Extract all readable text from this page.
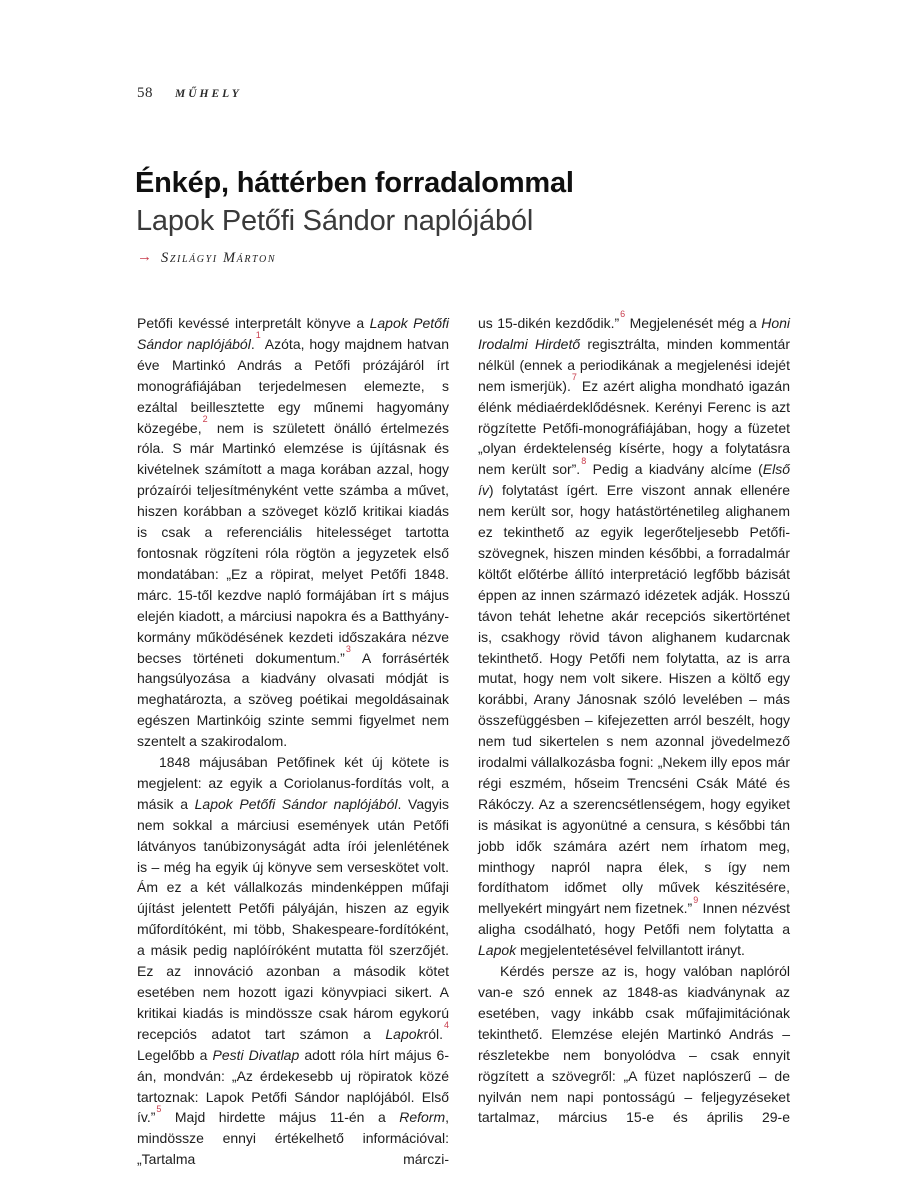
58 MŰHELY
Énkép, háttérben forradalommal
Lapok Petőfi Sándor naplójából
→ Szilágyi Márton

Petőfi kevéssé interpretált könyve a Lapok Petőfi Sándor naplójából.$^1$ Azóta, hogy majdnem hatvan éve Martinkó András a Petőfi prózájáról írt monográfiájában terjedelmesen elemezte, s ezáltal beillesztette egy műnemi hagyomány közegébe,$^2$ nem is született önálló értelmezés róla. S már Martinkó elemzése is újításnak és kivételnek számított a maga korában azzal, hogy prózaírói teljesítményként vette számba a művet, hiszen korábban a szöveget közlő kritikai kiadás is csak a referenciális hitelességet tartotta fontosnak rögzíteni róla rögtön a jegyzetek első mondatában: „Ez a röpirat, melyet Petőfi 1848. márc. 15-től kezdve napló formájában írt s május elején kiadott, a márciusi napokra és a Batthyány-kormány működésének kezdeti időszakára nézve becses történeti dokumentum.”$^3$ A forrásérték hangsúlyozása a kiadvány olvasati módját is meghatározta, a szöveg poétikai megoldásainak egészen Martinkóig szinte semmi figyelmet nem szentelt a szakirodalom.

1848 májusában Petőfinek két új kötete is megjelent: az egyik a Coriolanus-fordítás volt, a másik a Lapok Petőfi Sándor naplójából. Vagyis nem sokkal a márciusi események után Petőfi látványos tanúbizonyságát adta írói jelenlétének is – még ha egyik új könyve sem verseskötet volt. Ám ez a két vállalkozás mindenképpen műfaji újítást jelentett Petőfi pályáján, hiszen az egyik műfordítóként, mi több, Shakespeare-fordítóként, a másik pedig naplóíróként mutatta föl szerzőjét. Ez az innováció azonban a második kötet esetében nem hozott igazi könyvpiaci sikert. A kritikai kiadás is mindössze csak három egykorú recepciós adatot tart számon a Lapokról.$^4$ Legelőbb a Pesti Divatlap adott róla hírt május 6-án, mondván: „Az érdekesebb uj röpiratok közé tartoznak: Lapok Petőfi Sándor naplójából. Első ív.”$^5$ Majd hirdette május 11-én a Reform, mindössze ennyi értékelhető információval: „Tartalma márczi-

us 15-dikén kezdődik.”$^6$ Megjelenését még a Honi Irodalmi Hirdető regisztrálta, minden kommentár nélkül (ennek a periodikának a megjelenési idejét nem ismerjük).$^7$ Ez azért aligha mondható igazán élénk médiaérdeklődésnek. Kerényi Ferenc is azt rögzítette Petőfi-monográfiájában, hogy a füzetet „olyan érdektelenség kísérte, hogy a folytatásra nem került sor”.$^8$ Pedig a kiadvány alcíme (Első ív) folytatást ígért. Erre viszont annak ellenére nem került sor, hogy hatástörténetileg alighanem ez tekinthető az egyik legerőteljesebb Petőfi-szövegnek, hiszen minden későbbi, a forradalmár költőt előtérbe állító interpretáció legfőbb bázisát éppen az innen származó idézetek adják. Hosszú távon tehát lehetne akár recepciós sikertörténet is, csakhogy rövid távon alighanem kudarcnak tekinthető. Hogy Petőfi nem folytatta, az is arra mutat, hogy nem volt sikere. Hiszen a költő egy korábbi, Arany Jánosnak szóló levelében – más összefüggésben – kifejezetten arról beszélt, hogy nem tud sikertelen s nem azonnal jövedelmező irodalmi vállalkozásba fogni: „Nekem illy epos már régi eszmém, hőseim Trencséni Csák Máté és Rákóczy. Az a szerencsétlenségem, hogy egyiket is másikat is agyonütné a censura, s későbbi tán jobb idők számára azért nem írhatom meg, minthogy napról napra élek, s így nem fordíthatom időmet olly művek készitésére, mellyekért mingyárt nem fizetnek.”$^9$ Innen nézvést aligha csodálható, hogy Petőfi nem folytatta a Lapok megjelentetésével felvillantott irányt.

Kérdés persze az is, hogy valóban naplóról van-e szó ennek az 1848-as kiadványnak az esetében, vagy inkább csak műfajimitációnak tekinthető. Elemzése elején Martinkó András – részletekbe nem bonyolódva – csak ennyit rögzített a szövegről: „A füzet naplószerű – de nyilván nem napi pontosságú – feljegyzéseket tartalmaz, március 15-e és április 29-e
